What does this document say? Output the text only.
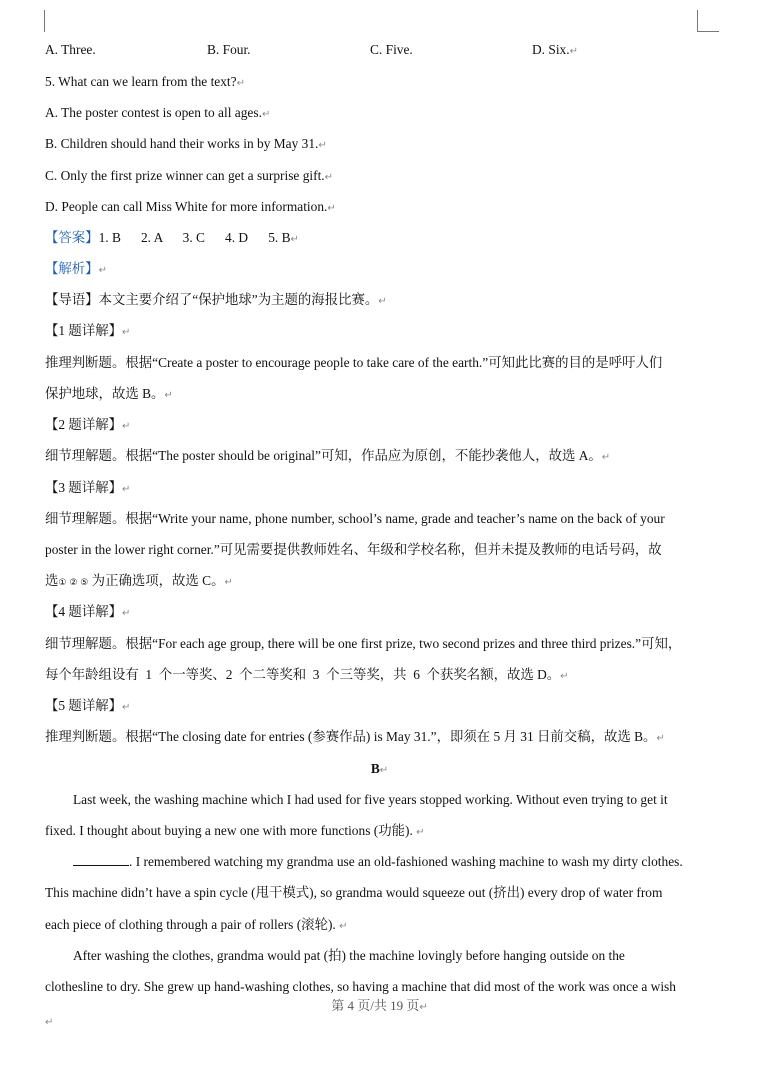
A. Three.	B. Four.	C. Five.	D. Six.↵
5. What can we learn from the text?↵
A. The poster contest is open to all ages.↵
B. Children should hand their works in by May 31.↵
C. Only the first prize winner can get a surprise gift.↵
D. People can call Miss White for more information.↵
【答案】1. B      2. A      3. C      4. D      5. B↵
【解析】↵
【导语】本文主要介绍了“保护地球”为主题的海报比赛。↵
【1 题详解】↵
推理判断题。根据“Create a poster to encourage people to take care of the earth.”可知此比赛的目的是呼吁人们
保护地球，故选 B。↵
【2 题详解】↵
细节理解题。根据“The poster should be original”可知，作品应为原创，不能抄袭他人，故选 A。↵
【3 题详解】↵
细节理解题。根据“Write your name, phone number, school’s name, grade and teacher’s name on the back of your
poster in the lower right corner.”可见需要提供教师姓名、年级和学校名称，但并未提及教师的电话号码，故
选① ② ⑤ 为正确选项，故选 C。↵
【4 题详解】↵
细节理解题。根据“For each age group, there will be one first prize, two second prizes and three third prizes.”可知，
每个年龄组设有  1  个一等奖、2  个二等奖和  3  个三等奖，共  6  个获奖名额，故选 D。↵
【5 题详解】↵
推理判断题。根据“The closing date for entries (参赛作品) is May 31.”，即须在 5 月 31 日前交稿，故选 B。↵
B↵
Last week, the washing machine which I had used for five years stopped working. Without even trying to get it
fixed. I thought about buying a new one with more functions (功能). ↵
. I remembered watching my grandma use an old-fashioned washing machine to wash my dirty clothes.
This machine didn’t have a spin cycle (甩干模式), so grandma would squeeze out (挤出) every drop of water from
each piece of clothing through a pair of rollers (滚轮). ↵
After washing the clothes, grandma would pat (拍) the machine lovingly before hanging outside on the
clothesline to dry. She grew up hand-washing clothes, so having a machine that did most of the work was once a wish
第 4 页/共 19 页↵
↵
